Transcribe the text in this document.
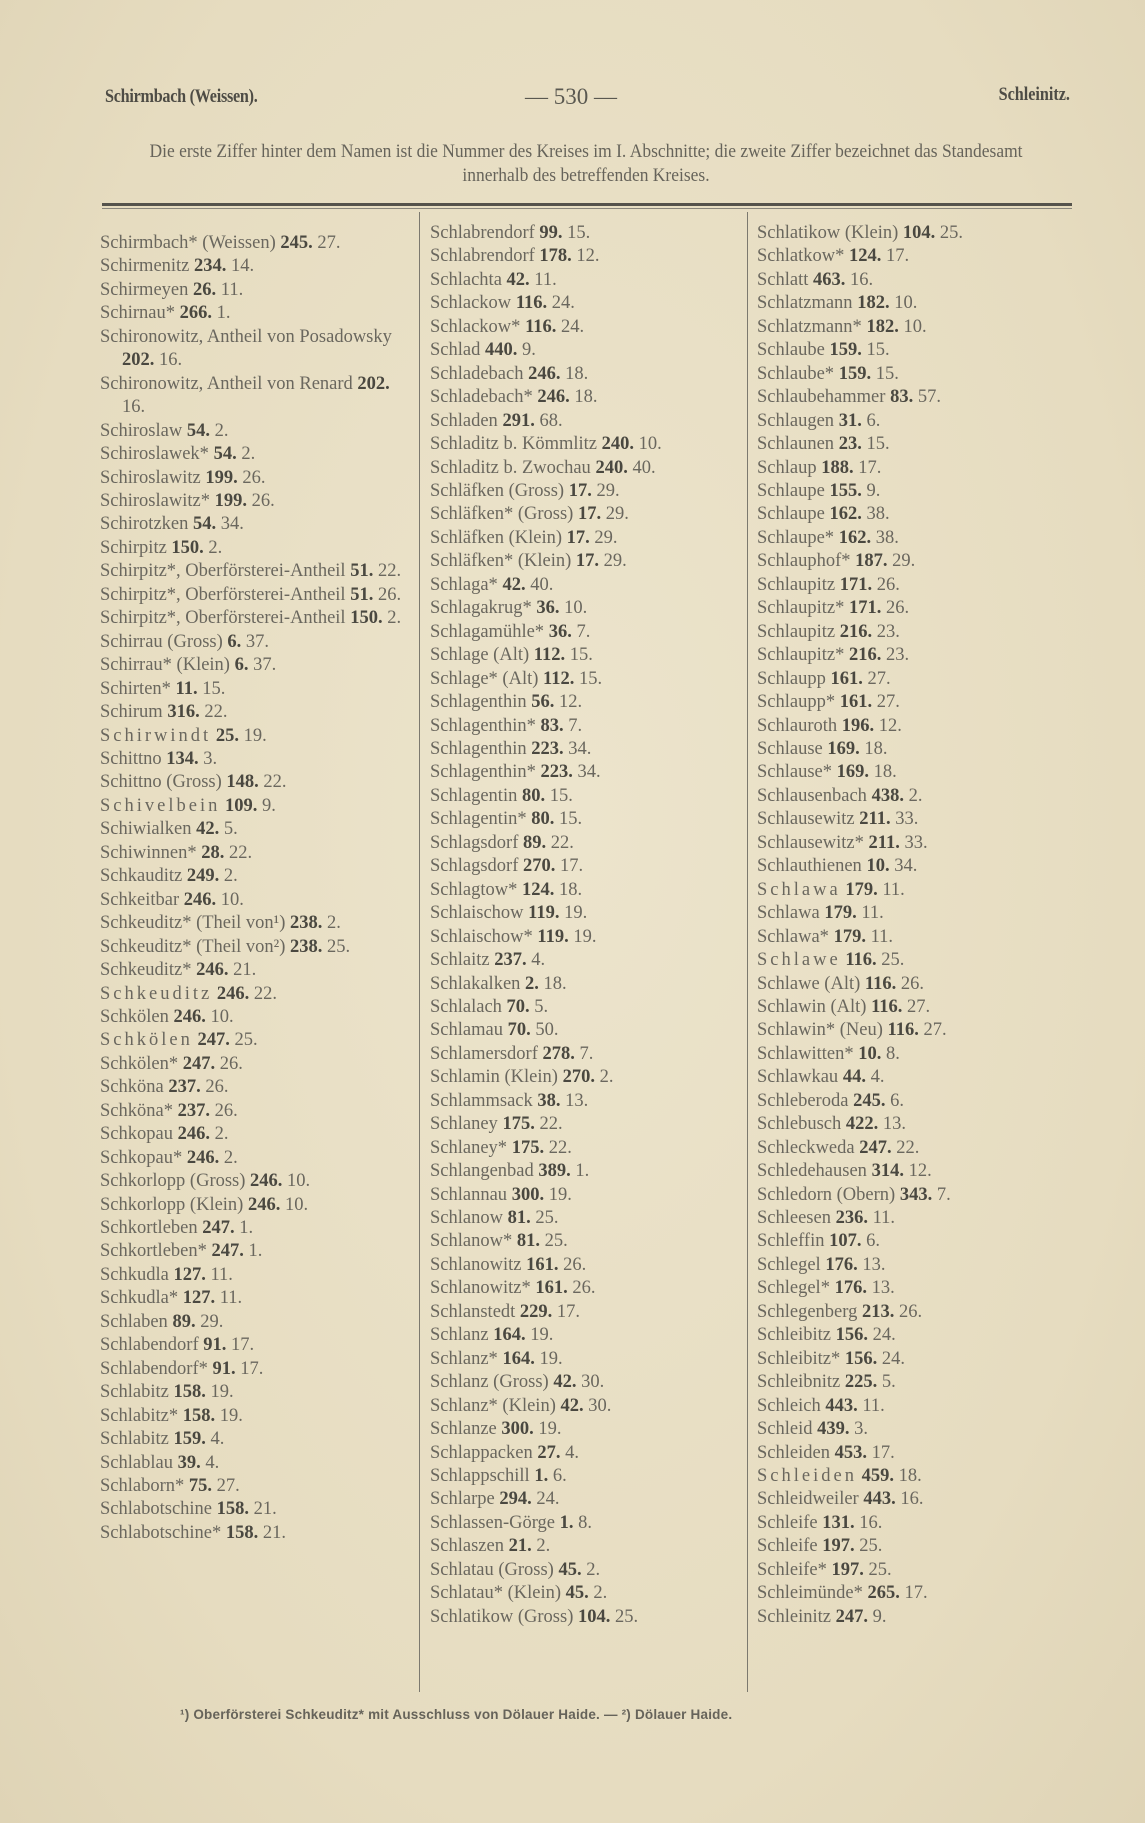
Schirmbach (Weissen).	— 530 —	Schleinitz.
Die erste Ziffer hinter dem Namen ist die Nummer des Kreises im I. Abschnitte; die zweite Ziffer bezeichnet das Standesamt innerhalb des betreffenden Kreises.
Schirmbach* (Weissen) 245. 27.
Schirmenitz 234. 14.
Schirmeyen 26. 11.
Schirnau* 266. 1.
Schironowitz, Antheil von Posadowsky 202. 16.
Schironowitz, Antheil von Renard 202. 16.
Schiroslaw 54. 2.
Schiroslawek* 54. 2.
Schiroslawitz 199. 26.
Schiroslawitz* 199. 26.
Schirotzken 54. 34.
Schirpitz 150. 2.
Schirpitz*, Oberförsterei-Antheil 51. 22.
Schirpitz*, Oberförsterei-Antheil 51. 26.
Schirpitz*, Oberförsterei-Antheil 150. 2.
Schirrau (Gross) 6. 37.
Schirrau* (Klein) 6. 37.
Schirten* 11. 15.
Schirum 316. 22.
Schirwindt 25. 19.
Schittno 134. 3.
Schittno (Gross) 148. 22.
Schivelbein 109. 9.
Schiwialken 42. 5.
Schiwinnen* 28. 22.
Schkauditz 249. 2.
Schkeitbar 246. 10.
Schkeuditz* (Theil von¹) 238. 2.
Schkeuditz* (Theil von²) 238. 25.
Schkeuditz* 246. 21.
Schkeuditz 246. 22.
Schkölen 246. 10.
Schkölen 247. 25.
Schkölen* 247. 26.
Schköna 237. 26.
Schköna* 237. 26.
Schkopau 246. 2.
Schkopau* 246. 2.
Schkorlopp (Gross) 246. 10.
Schkorlopp (Klein) 246. 10.
Schkortleben 247. 1.
Schkortleben* 247. 1.
Schkudla 127. 11.
Schkudla* 127. 11.
Schlaben 89. 29.
Schlabendorf 91. 17.
Schlabendorf* 91. 17.
Schlabitz 158. 19.
Schlabitz* 158. 19.
Schlabitz 159. 4.
Schlablau 39. 4.
Schlaborn* 75. 27.
Schlabotschine 158. 21.
Schlabotschine* 158. 21.
Schlabrendorf 99. 15.
Schlabrendorf 178. 12.
Schlachta 42. 11.
Schlackow 116. 24.
Schlackow* 116. 24.
Schlad 440. 9.
Schladebach 246. 18.
Schladebach* 246. 18.
Schladen 291. 68.
Schladitz b. Kömmlitz 240. 10.
Schladitz b. Zwochau 240. 40.
Schläfken (Gross) 17. 29.
Schläfken* (Gross) 17. 29.
Schläfken (Klein) 17. 29.
Schläfken* (Klein) 17. 29.
Schlaga* 42. 40.
Schlagakrug* 36. 10.
Schlagamühle* 36. 7.
Schlage (Alt) 112. 15.
Schlage* (Alt) 112. 15.
Schlagenthin 56. 12.
Schlagenthin* 83. 7.
Schlagenthin 223. 34.
Schlagenthin* 223. 34.
Schlagentin 80. 15.
Schlagentin* 80. 15.
Schlagsdorf 89. 22.
Schlagsdorf 270. 17.
Schlagtow* 124. 18.
Schlaischow 119. 19.
Schlaischow* 119. 19.
Schlaitz 237. 4.
Schlakalken 2. 18.
Schlalach 70. 5.
Schlamau 70. 50.
Schlamersdorf 278. 7.
Schlamin (Klein) 270. 2.
Schlammsack 38. 13.
Schlaney 175. 22.
Schlaney* 175. 22.
Schlangenbad 389. 1.
Schlannau 300. 19.
Schlanow 81. 25.
Schlanow* 81. 25.
Schlanowitz 161. 26.
Schlanowitz* 161. 26.
Schlanstedt 229. 17.
Schlanz 164. 19.
Schlanz* 164. 19.
Schlanz (Gross) 42. 30.
Schlanz* (Klein) 42. 30.
Schlanze 300. 19.
Schlappacken 27. 4.
Schlappschill 1. 6.
Schlarpe 294. 24.
Schlassen-Görge 1. 8.
Schlaszen 21. 2.
Schlatau (Gross) 45. 2.
Schlatau* (Klein) 45. 2.
Schlatikow (Gross) 104. 25.
Schlatikow (Klein) 104. 25.
Schlatkow* 124. 17.
Schlatt 463. 16.
Schlatzmann 182. 10.
Schlatzmann* 182. 10.
Schlaube 159. 15.
Schlaube* 159. 15.
Schlaubehammer 83. 57.
Schlaugen 31. 6.
Schlaunen 23. 15.
Schlaup 188. 17.
Schlaupe 155. 9.
Schlaupe 162. 38.
Schlaupe* 162. 38.
Schlauphof* 187. 29.
Schlaupitz 171. 26.
Schlaupitz* 171. 26.
Schlaupitz 216. 23.
Schlaupitz* 216. 23.
Schlaupp 161. 27.
Schlaupp* 161. 27.
Schlauroth 196. 12.
Schlause 169. 18.
Schlause* 169. 18.
Schlausenbach 438. 2.
Schlausewitz 211. 33.
Schlausewitz* 211. 33.
Schlauthienen 10. 34.
Schlawa 179. 11.
Schlawa 179. 11.
Schlawa* 179. 11.
Schlawe 116. 25.
Schlawe (Alt) 116. 26.
Schlawin (Alt) 116. 27.
Schlawin* (Neu) 116. 27.
Schlawitten* 10. 8.
Schlawkau 44. 4.
Schleberoda 245. 6.
Schlebusch 422. 13.
Schleckweda 247. 22.
Schledehausen 314. 12.
Schledorn (Obern) 343. 7.
Schleesen 236. 11.
Schleffin 107. 6.
Schlegel 176. 13.
Schlegel* 176. 13.
Schlegenberg 213. 26.
Schleibitz 156. 24.
Schleibitz* 156. 24.
Schleibnitz 225. 5.
Schleich 443. 11.
Schleid 439. 3.
Schleiden 453. 17.
Schleiden 459. 18.
Schleidweiler 443. 16.
Schleife 131. 16.
Schleife 197. 25.
Schleife* 197. 25.
Schleimünde* 265. 17.
Schleinitz 247. 9.
¹) Oberförsterei Schkeuditz* mit Ausschluss von Dölauer Haide. — ²) Dölauer Haide.
